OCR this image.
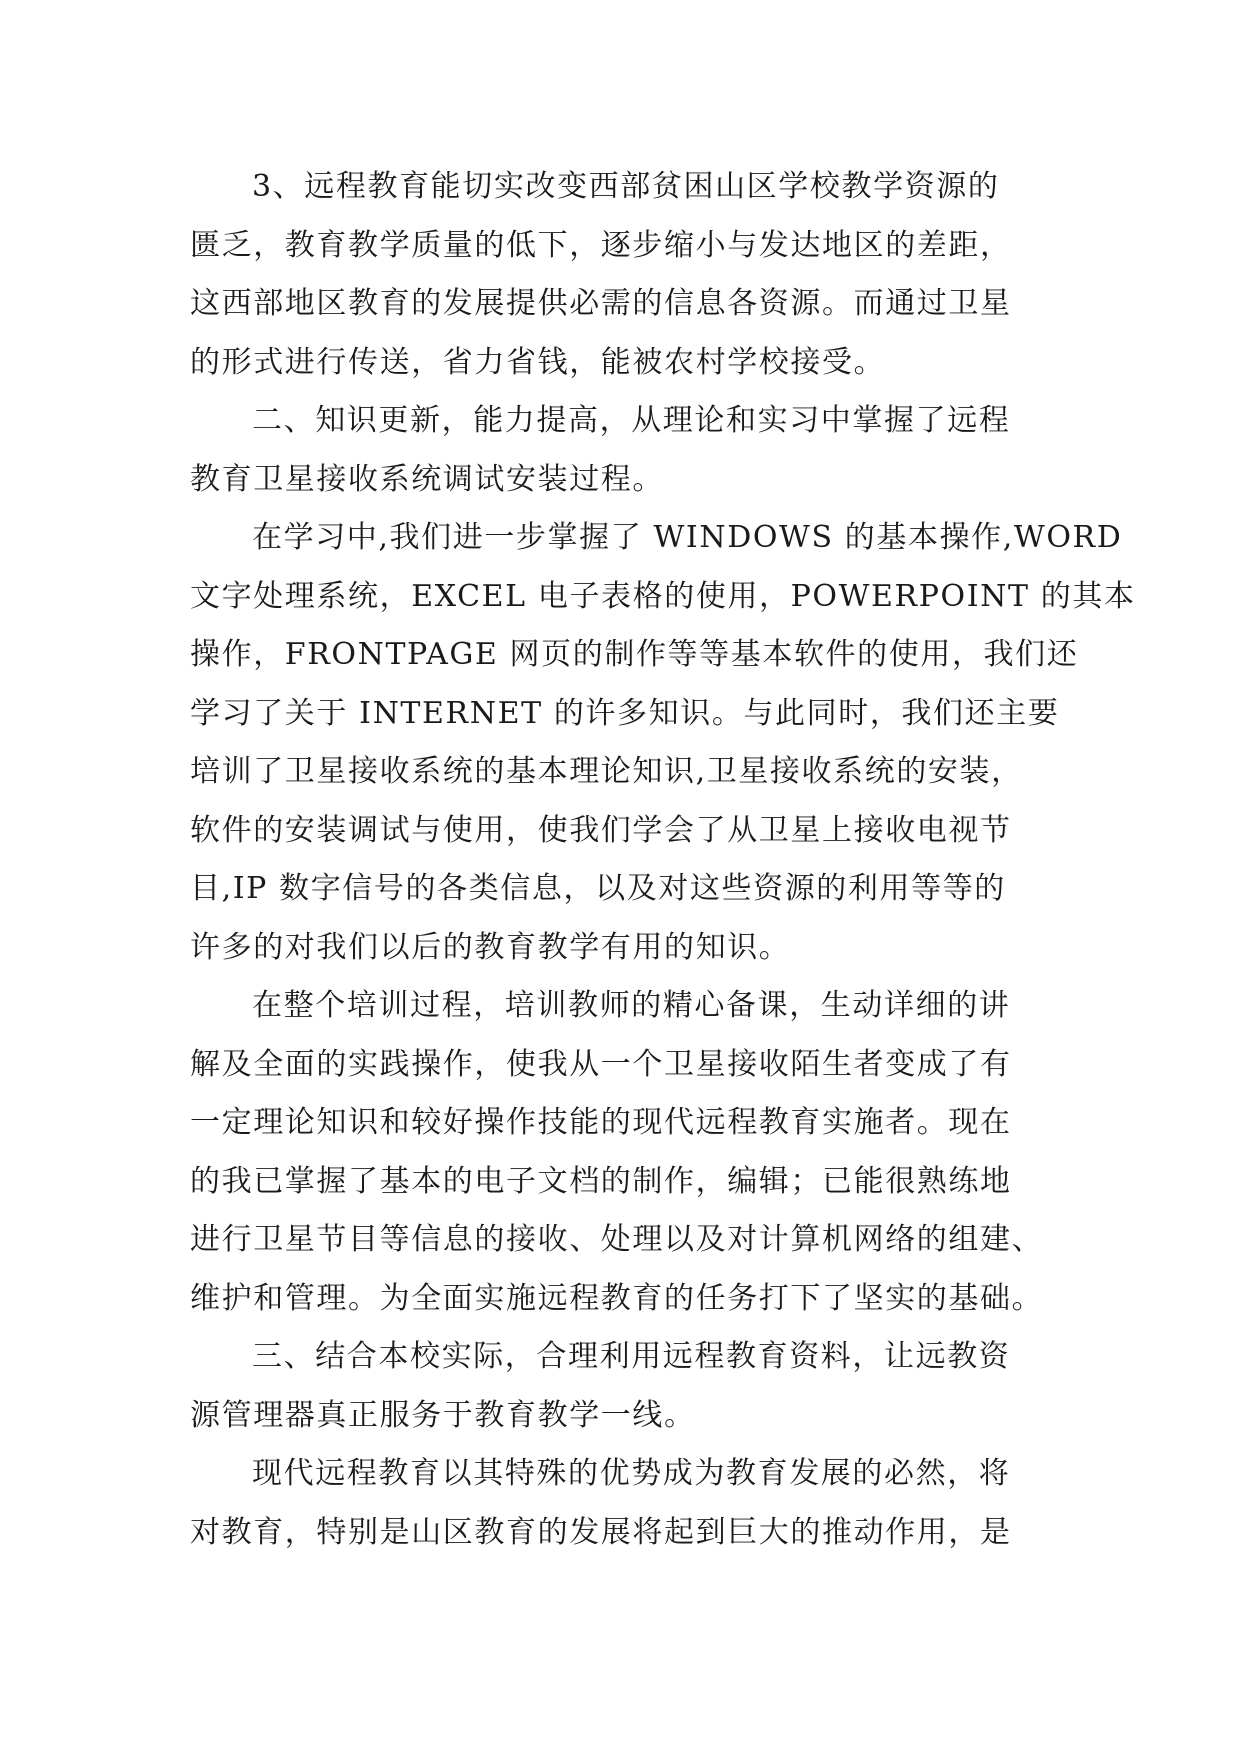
3、远程教育能切实改变西部贫困山区学校教学资源的
匮乏，教育教学质量的低下，逐步缩小与发达地区的差距，
这西部地区教育的发展提供必需的信息各资源。而通过卫星
的形式进行传送，省力省钱，能被农村学校接受。
二、知识更新，能力提高，从理论和实习中掌握了远程
教育卫星接收系统调试安装过程。
在学习中,我们进一步掌握了 WINDOWS 的基本操作,WORD
文字处理系统，EXCEL 电子表格的使用，POWERPOINT 的其本
操作，FRONTPAGE 网页的制作等等基本软件的使用，我们还
学习了关于 INTERNET 的许多知识。与此同时，我们还主要
培训了卫星接收系统的基本理论知识,卫星接收系统的安装，
软件的安装调试与使用，使我们学会了从卫星上接收电视节
目,IP 数字信号的各类信息，以及对这些资源的利用等等的
许多的对我们以后的教育教学有用的知识。
在整个培训过程，培训教师的精心备课，生动详细的讲
解及全面的实践操作，使我从一个卫星接收陌生者变成了有
一定理论知识和较好操作技能的现代远程教育实施者。现在
的我已掌握了基本的电子文档的制作，编辑；已能很熟练地
进行卫星节目等信息的接收、处理以及对计算机网络的组建、
维护和管理。为全面实施远程教育的任务打下了坚实的基础。
三、结合本校实际，合理利用远程教育资料，让远教资
源管理器真正服务于教育教学一线。
现代远程教育以其特殊的优势成为教育发展的必然，将
对教育，特别是山区教育的发展将起到巨大的推动作用，是
